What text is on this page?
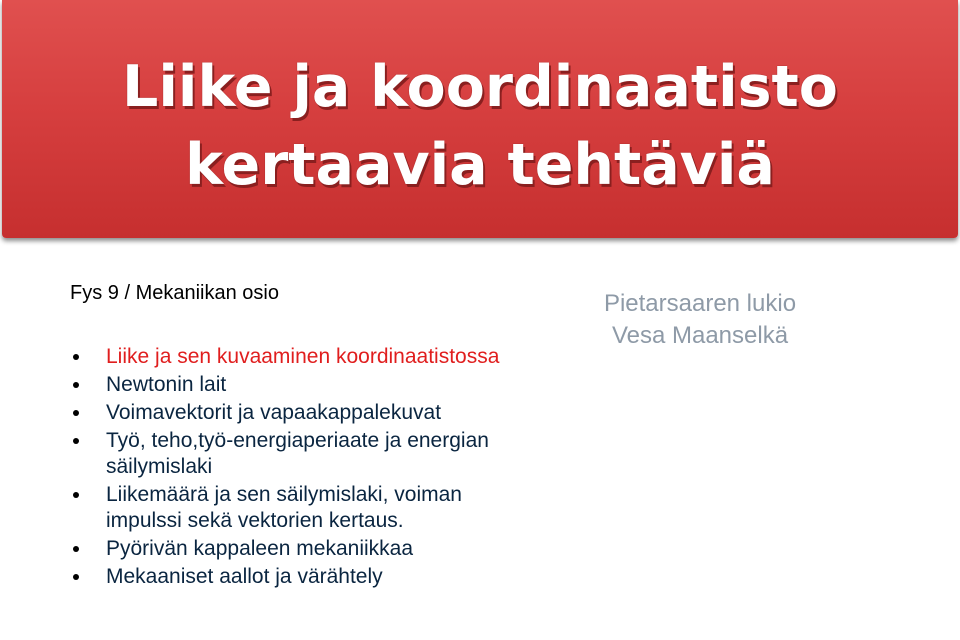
Liike ja koordinaatisto
kertaavia tehtäviä

Fys 9 / Mekaniikan osio	Pietarsaaren lukio
Vesa Maanselkä
Liike ja sen kuvaaminen koordinaatistossa
Newtonin lait
Voimavektorit ja vapaakappalekuvat
Työ, teho,työ-energiaperiaate ja energian säilymislaki
Liikemäärä ja sen säilymislaki, voiman impulssi sekä vektorien kertaus.
Pyörivän kappaleen mekaniikkaa
Mekaaniset aallot ja värähtely
